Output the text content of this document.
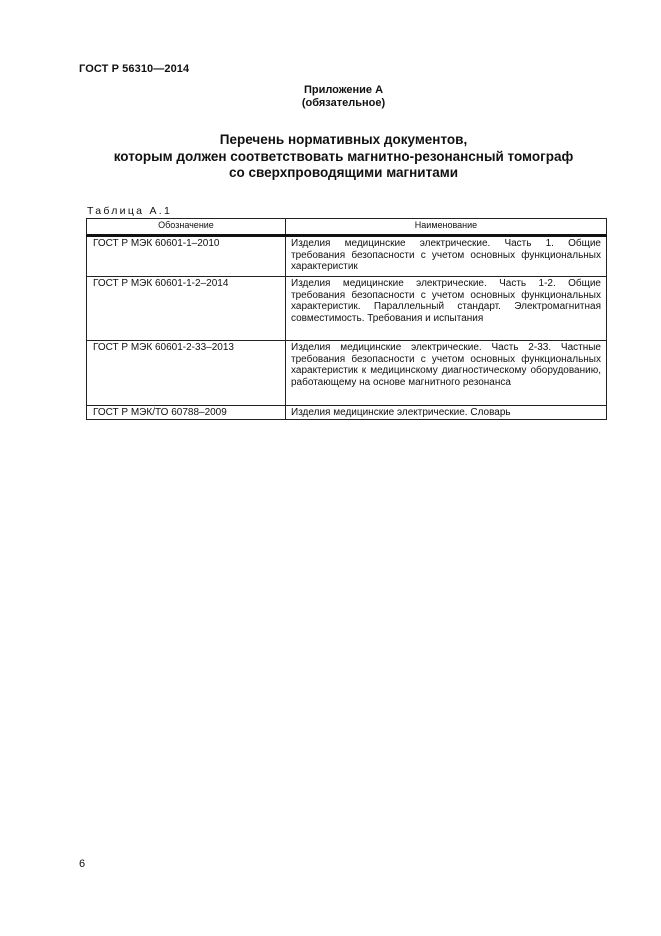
ГОСТ Р 56310—2014
Приложение А
(обязательное)
Перечень нормативных документов,
которым должен соответствовать магнитно-резонансный томограф
со сверхпроводящими магнитами
Таблица А.1
Обозначение	Наименование
ГОСТ Р МЭК 60601-1–2010	Изделия медицинские электрические. Часть 1. Общие требования безопасности с учетом основных функциональных характеристик
ГОСТ Р МЭК 60601-1-2–2014	Изделия медицинские электрические. Часть 1-2. Общие требования безопасности с учетом основных функциональных характеристик. Параллельный стандарт. Электромагнитная совместимость. Требования и испытания
ГОСТ Р МЭК 60601-2-33–2013	Изделия медицинские электрические. Часть 2-33. Частные требования безопасности с учетом основных функциональных характеристик к медицинскому диагностическому оборудованию, работающему на основе магнитного резонанса
ГОСТ Р МЭК/ТО 60788–2009	Изделия медицинские электрические. Словарь
6
